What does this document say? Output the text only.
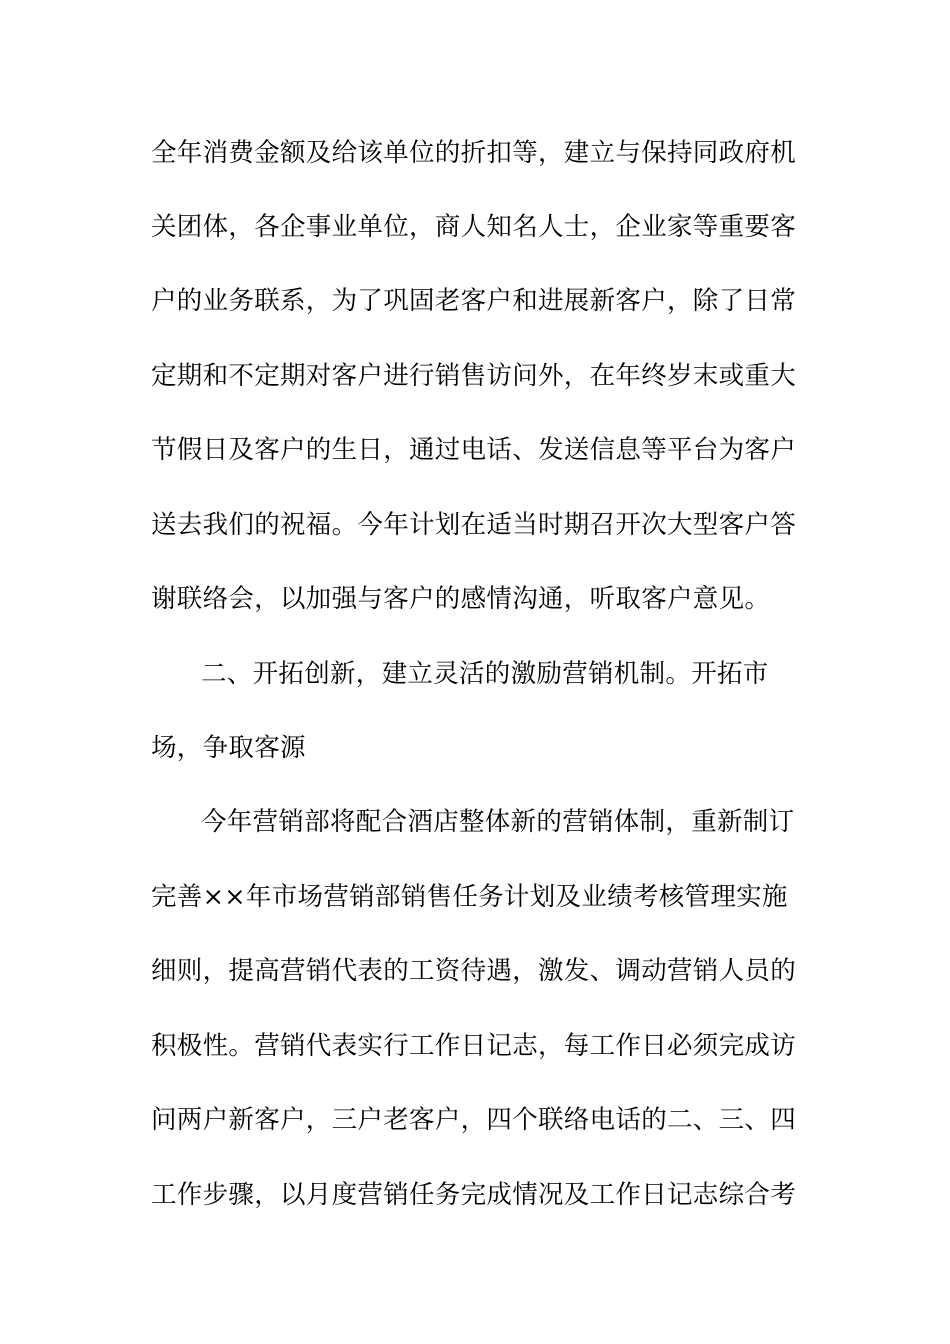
全年消费金额及给该单位的折扣等，建立与保持同政府机
关团体，各企事业单位，商人知名人士，企业家等重要客
户的业务联系，为了巩固老客户和进展新客户，除了日常
定期和不定期对客户进行销售访问外，在年终岁末或重大
节假日及客户的生日，通过电话、发送信息等平台为客户
送去我们的祝福。今年计划在适当时期召开次大型客户答
谢联络会，以加强与客户的感情沟通，听取客户意见。
二、开拓创新，建立灵活的激励营销机制。开拓市
场，争取客源
今年营销部将配合酒店整体新的营销体制，重新制订
完善××年市场营销部销售任务计划及业绩考核管理实施
细则，提高营销代表的工资待遇，激发、调动营销人员的
积极性。营销代表实行工作日记志，每工作日必须完成访
问两户新客户，三户老客户，四个联络电话的二、三、四
工作步骤，以月度营销任务完成情况及工作日记志综合考
